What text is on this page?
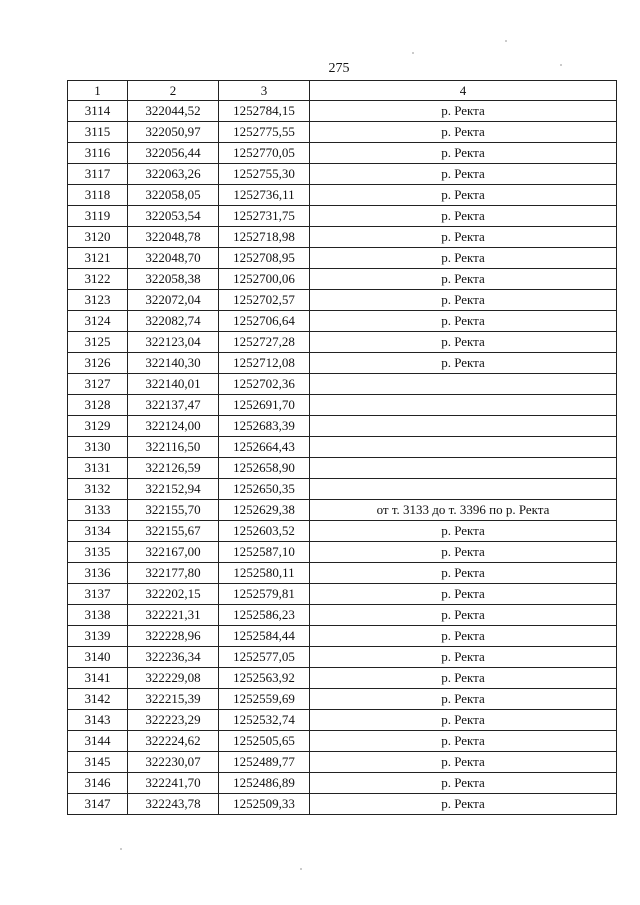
275
1	2	3	4
3114	322044,52	1252784,15	р. Ректа
3115	322050,97	1252775,55	р. Ректа
3116	322056,44	1252770,05	р. Ректа
3117	322063,26	1252755,30	р. Ректа
3118	322058,05	1252736,11	р. Ректа
3119	322053,54	1252731,75	р. Ректа
3120	322048,78	1252718,98	р. Ректа
3121	322048,70	1252708,95	р. Ректа
3122	322058,38	1252700,06	р. Ректа
3123	322072,04	1252702,57	р. Ректа
3124	322082,74	1252706,64	р. Ректа
3125	322123,04	1252727,28	р. Ректа
3126	322140,30	1252712,08	р. Ректа
3127	322140,01	1252702,36	
3128	322137,47	1252691,70	
3129	322124,00	1252683,39	
3130	322116,50	1252664,43	
3131	322126,59	1252658,90	
3132	322152,94	1252650,35	
3133	322155,70	1252629,38	от т. 3133 до т. 3396 по р. Ректа
3134	322155,67	1252603,52	р. Ректа
3135	322167,00	1252587,10	р. Ректа
3136	322177,80	1252580,11	р. Ректа
3137	322202,15	1252579,81	р. Ректа
3138	322221,31	1252586,23	р. Ректа
3139	322228,96	1252584,44	р. Ректа
3140	322236,34	1252577,05	р. Ректа
3141	322229,08	1252563,92	р. Ректа
3142	322215,39	1252559,69	р. Ректа
3143	322223,29	1252532,74	р. Ректа
3144	322224,62	1252505,65	р. Ректа
3145	322230,07	1252489,77	р. Ректа
3146	322241,70	1252486,89	р. Ректа
3147	322243,78	1252509,33	р. Ректа
